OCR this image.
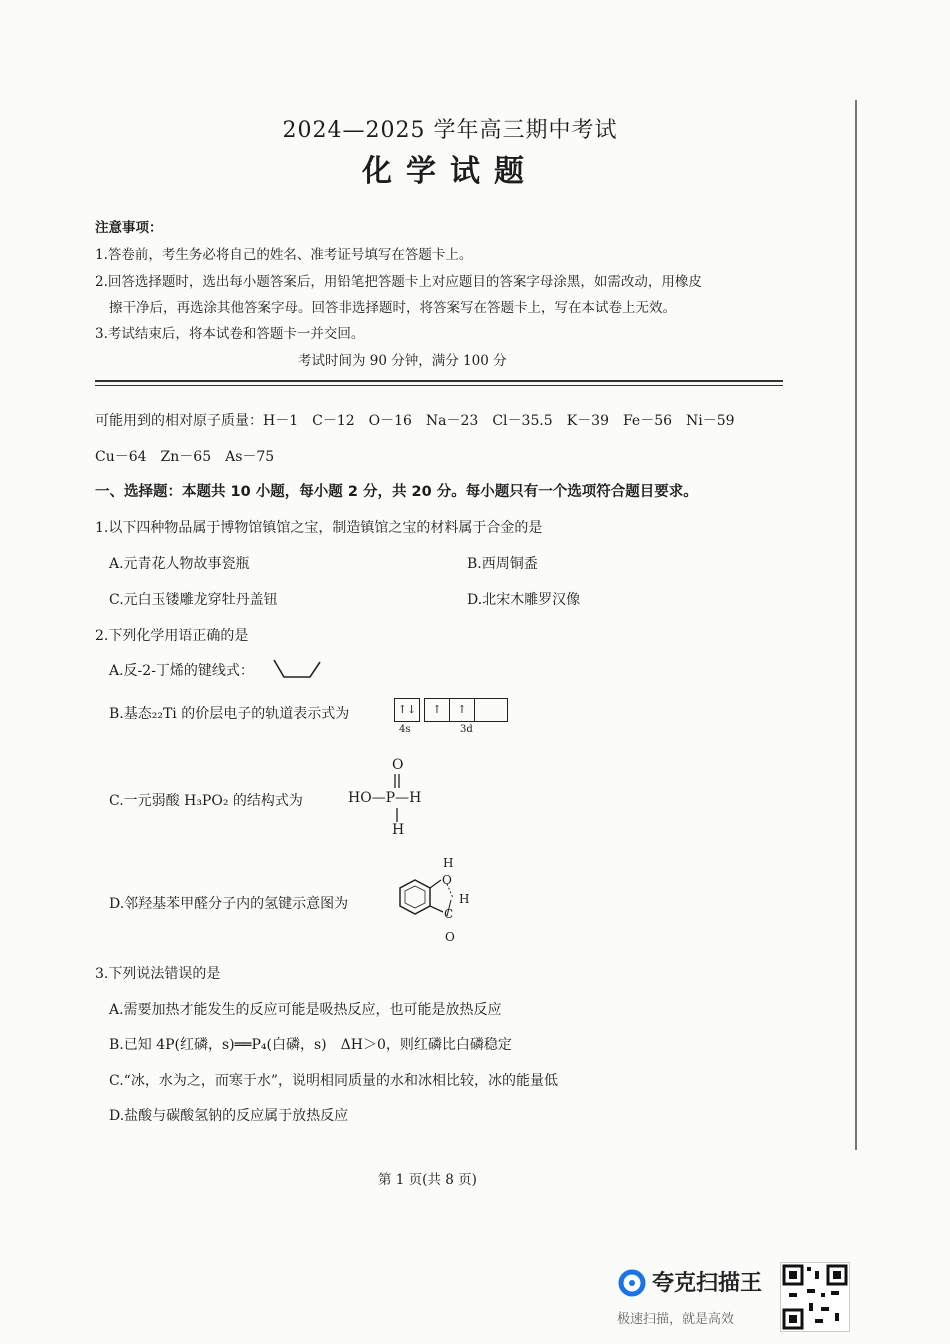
2024—2025 学年高三期中考试
化学试题
注意事项：
1.答卷前，考生务必将自己的姓名、准考证号填写在答题卡上。
2.回答选择题时，选出每小题答案后，用铅笔把答题卡上对应题目的答案字母涂黑，如需改动，用橡皮
擦干净后，再选涂其他答案字母。回答非选择题时，将答案写在答题卡上，写在本试卷上无效。
3.考试结束后，将本试卷和答题卡一并交回。
考试时间为 90 分钟，满分 100 分
可能用到的相对原子质量：H－1　C－12　O－16　Na－23　Cl－35.5　K－39　Fe－56　Ni－59
Cu－64　Zn－65　As－75
一、选择题：本题共 10 小题，每小题 2 分，共 20 分。每小题只有一个选项符合题目要求。
1.以下四种物品属于博物馆镇馆之宝，制造镇馆之宝的材料属于合金的是
A.元青花人物故事瓷瓶	B.西周铜盉
C.元白玉镂雕龙穿牡丹盖钮	D.北宋木雕罗汉像
2.下列化学用语正确的是
A.反-2-丁烯的键线式：
B.基态₂₂Ti 的价层电子的轨道表示式为	↑↓	↑	↑
4s	3d
C.一元弱酸 H₃PO₂ 的结构式为	HO—P—H
O
H
D.邻羟基苯甲醛分子内的氢键示意图为
H
O
H
C
O
3.下列说法错误的是
A.需要加热才能发生的反应可能是吸热反应，也可能是放热反应
B.已知 4P(红磷，s)══P₄(白磷，s)　ΔH＞0，则红磷比白磷稳定
C.“冰，水为之，而寒于水”，说明相同质量的水和冰相比较，冰的能量低
D.盐酸与碳酸氢钠的反应属于放热反应
第 1 页(共 8 页)
夸克扫描王
极速扫描，就是高效
